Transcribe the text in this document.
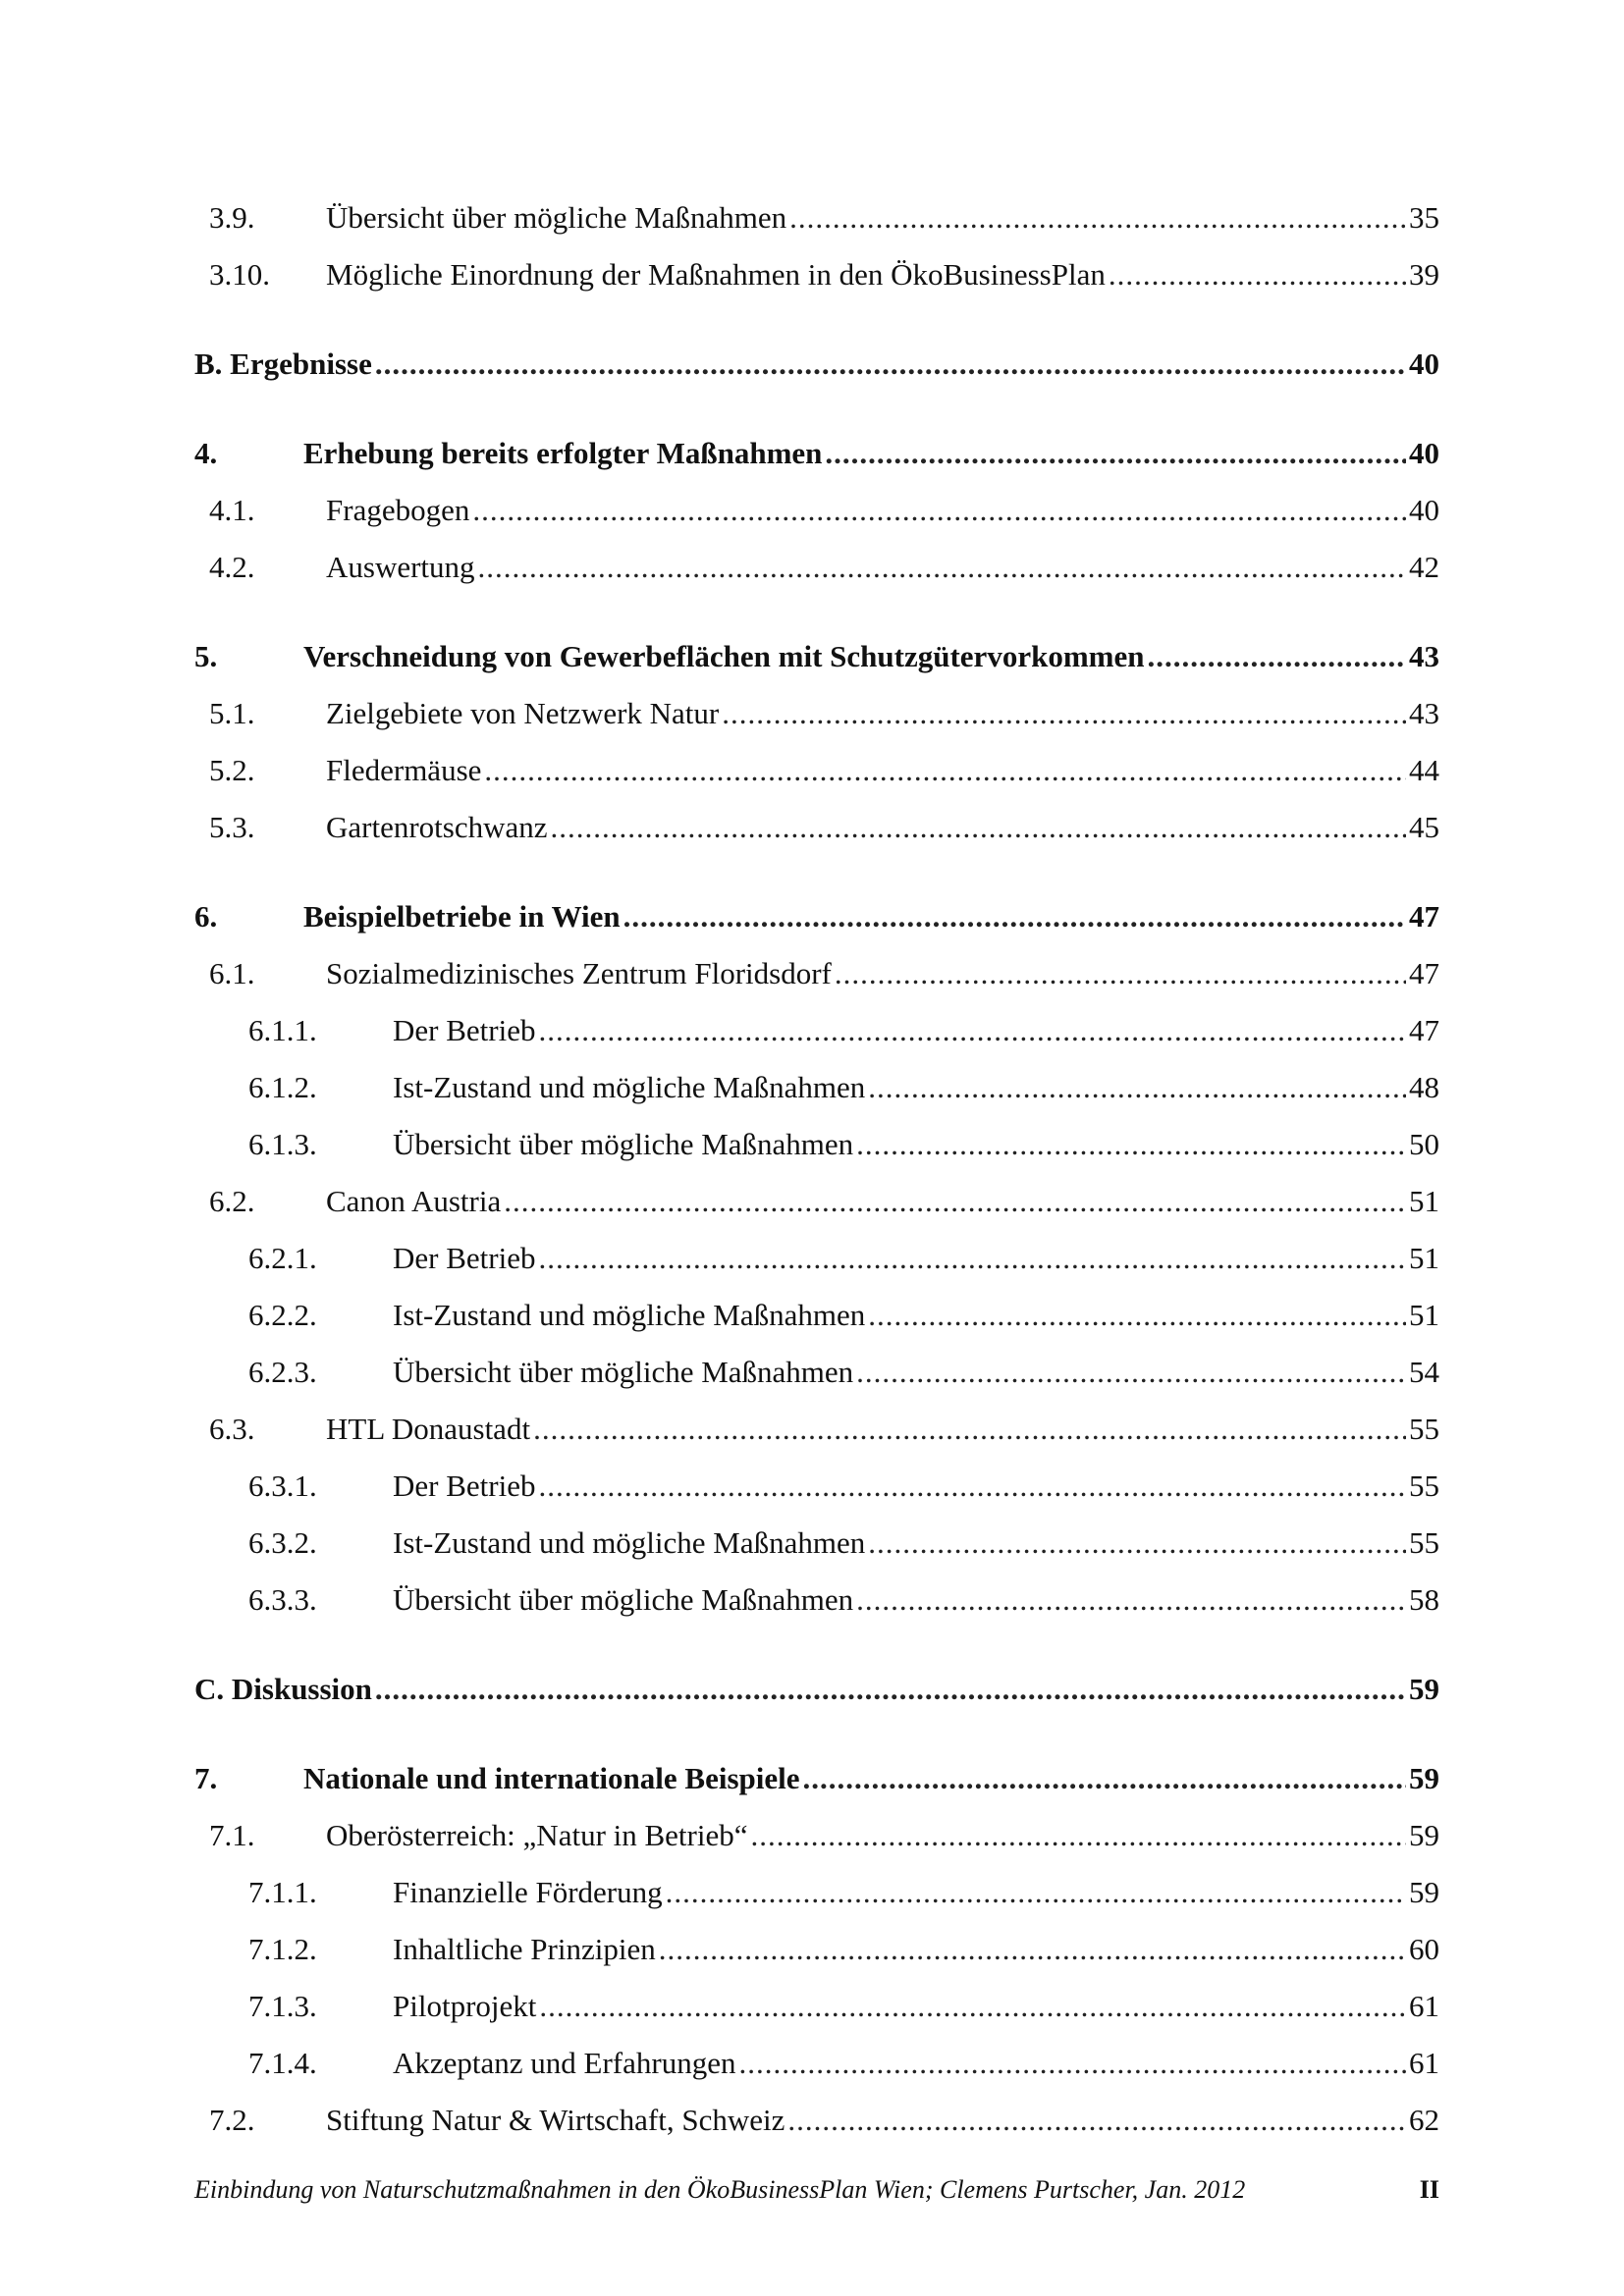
3.9.	Übersicht über mögliche Maßnahmen .....	35
3.10.	Mögliche Einordnung der Maßnahmen in den ÖkoBusinessPlan .....	39
B. Ergebnisse .....	40
4.	Erhebung bereits erfolgter Maßnahmen .....	40
4.1.	Fragebogen .....	40
4.2.	Auswertung .....	42
5.	Verschneidung von Gewerbeflächen mit Schutzgütervorkommen .....	43
5.1.	Zielgebiete von Netzwerk Natur .....	43
5.2.	Fledermäuse .....	44
5.3.	Gartenrotschwanz .....	45
6.	Beispielbetriebe in Wien .....	47
6.1.	Sozialmedizinisches Zentrum Floridsdorf .....	47
6.1.1.	Der Betrieb .....	47
6.1.2.	Ist-Zustand und mögliche Maßnahmen .....	48
6.1.3.	Übersicht über mögliche Maßnahmen .....	50
6.2.	Canon Austria .....	51
6.2.1.	Der Betrieb .....	51
6.2.2.	Ist-Zustand und mögliche Maßnahmen .....	51
6.2.3.	Übersicht über mögliche Maßnahmen .....	54
6.3.	HTL Donaustadt .....	55
6.3.1.	Der Betrieb .....	55
6.3.2.	Ist-Zustand und mögliche Maßnahmen .....	55
6.3.3.	Übersicht über mögliche Maßnahmen .....	58
C. Diskussion .....	59
7.	Nationale und internationale Beispiele .....	59
7.1.	Oberösterreich: „Natur in Betrieb“ .....	59
7.1.1.	Finanzielle Förderung .....	59
7.1.2.	Inhaltliche Prinzipien .....	60
7.1.3.	Pilotprojekt .....	61
7.1.4.	Akzeptanz und Erfahrungen .....	61
7.2.	Stiftung Natur & Wirtschaft, Schweiz .....	62
Einbindung von Naturschutzmaßnahmen in den ÖkoBusinessPlan Wien; Clemens Purtscher, Jan. 2012	II
